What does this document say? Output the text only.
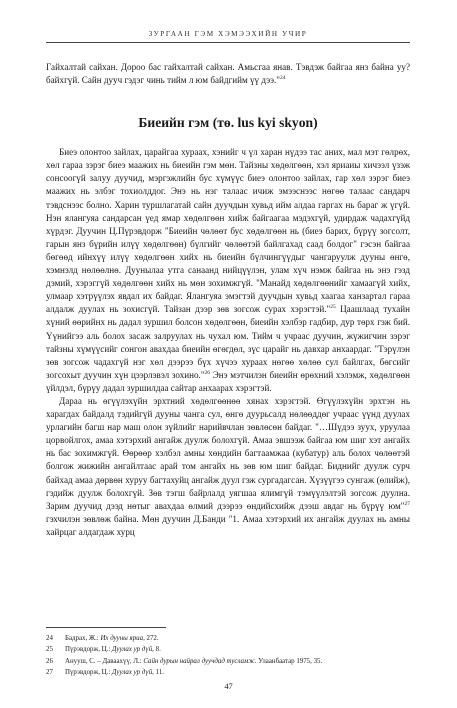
ЗУРГААН ГЭМ ХЭМЭЭХИЙН УЧИР

Гайхалтай сайхан. Дороо бас гайхалтай сайхан. Амьсгаа янав. Тэвдэж байгаа янз байна уу? байхгүй. Сайн дууч гэдэг чинь тийм л юм байдгийм үү дээ."$^{24}$

Биеийн гэм (тө. lus kyi skyon)

Биеэ олонтоо зайлах, царайгаа хураах, хэнийг ч үл харан нүдээ тас аних, мал мэт гөлрөх, хөл гараа зэрэг биеэ маажих нь биеийн гэм мөн. Тайзны хөдөлгөөн, хэл яриаиы хичээл үзэж сонсоогүй залуу дуучид, мэргэжлийн бус хүмүүс биеэ олонтоо зайлах, гар хөл зэрэг биеэ маажих нь элбэг тохиолддог. Энэ нь нэг талаас ичиж эмээснээс нөгөө талаас сандарч тэвдснээс болно. Харин туршлагатай сайн дуучдын хувьд ийм алдаа гаргах нь бараг ж үгүй. Нэн ялангуяа сандарсан үед ямар хөдөлгөөн хийж байгаагаа мэдэхгүй, удирдаж чадахгүйд хүрдэг. Дуучин Ц.Пүрэвдорж "Биеийн чөлөөт бус хөдөлгөөн нь (биеэ барих, бүрүү зогсолт, гарын янз бүрийн илүү хөдөлгөөн) бүлгийг чөлөөтэй байлгахад саад болдог" гэсэн байгаа бөгөөд ийнхүү илүү хөдөлгөөн хийх нь биеийн бүлчингүүдыг чангаруулж дууны өнгө, хэмнэлд нөлөөлнө. Дуунылаа утга санаанд нийцүүлэн, улам хүч нэмж байгаа нь энэ гэзд дэмий, хэрэггүй хөдөлгөөн хийх нь мөн зохимжгүй. "Манайд хөдөлгөөнийг хамаагүй хийх, улмаар хэтрүүлэх явдал их байдаг. Ялангуяа эмэгтэй дуучдын хувьд хаагаа ханзартал гараа алдалж дуулах нь зохисгүй. Тайзан дээр зөв зогсож сурах хэрэгтэй."$^{25}$ Цаашлаад тухайн хүний өөрийнх нь дадал зуршил болсон хөдөлгөөн, биеийн хэлбэр гадбир, дур төрх гэж бий. Үүнийгээ аль болох засаж залруулах нь чухал юм. Тийм ч учраас дуучин, жүжигчин зэрэг тайзны хүмүүсийг сонгон авахдаа биеийн өгөгдөл, зүс царайг нь давхар анхаардаг. "Тэрүлэн зөв зогсож чадахгүй нэг хөл дээрээ бүх хүчээ хураах нөгөө хөлөө сул байлгах, бөгсийг зогсохыт дуучин хүн цээрлэвэл зохино."$^{26}$ Энэ мэтчилэн биеийн өрөхний хэлэмж, хөдөлгөөн үйлдэл, бүрүу дадал зуршилдаа сайтар анхаарах хэрэгтэй.

Дараа нь өгүүлэхүйн эрхтний хөдөлгөөнөө хянах хэрэгтэй. Өгүүлэхүйн эрхтэн нь харагдах байдалд тэдийгүй дууны чанга сул, өнгө дуурьсалд нөлөөддөг учраас үүнд дуулах урлагийн багш нар маш олон зүйлийг нарийвчлан зөвлөсөн байдаг. "…Шүдээ зуух, уруулаа цорвойлгох, амаа хэтэрхий ангайж дуулж болохгүй. Амаа эвшээж байгаа юм шиг хэт ангайх нь бас зохимжгүй. Өөрөөр хэлбэл амны хөндийн багтаамжаа (кубатур) аль болох чөлөөтэй болгож жижийн ангайлтаас арай том ангайх нь зөв юм шиг байдаг. Биднийг дуулж сурч байхад амаа дөрвөн хуруу багтахуйц ангайж дуул гэж сургадагсан. Хүзүүгээ сунгаж (өлийж), гэдийж дуулж болохгүй. Зөв тэгш байрлалд уягшаа ялимгүй тэмүүлэлтэй зогсож дуулна. Зарим дуучид дээд нөтыг авахдаа өлмий дээрээ өндийсхийж дээш авдаг нь бүрүү юм"$^{27}$ гэхчилэн зөвлөж байна. Мөн дуучин Д.Банди "1. Амаа хэтэрхий их ангайж дуулах нь амны хайрцаг алдагдаж хурц

24	Бадрах, Ж.: Их дууны яриа, 272.
25	Пүрэвдорж, Ц.: Дуулах ур дүй, 8.
26	Анууш, С. – Даваахүү, Л.: Сайн дурын найрал дуучдад тусламж. Улаанбаатар 1975, 35.
27	Пүрэвдорж, Ц.: Дуулах ур дүй, 11.
47
